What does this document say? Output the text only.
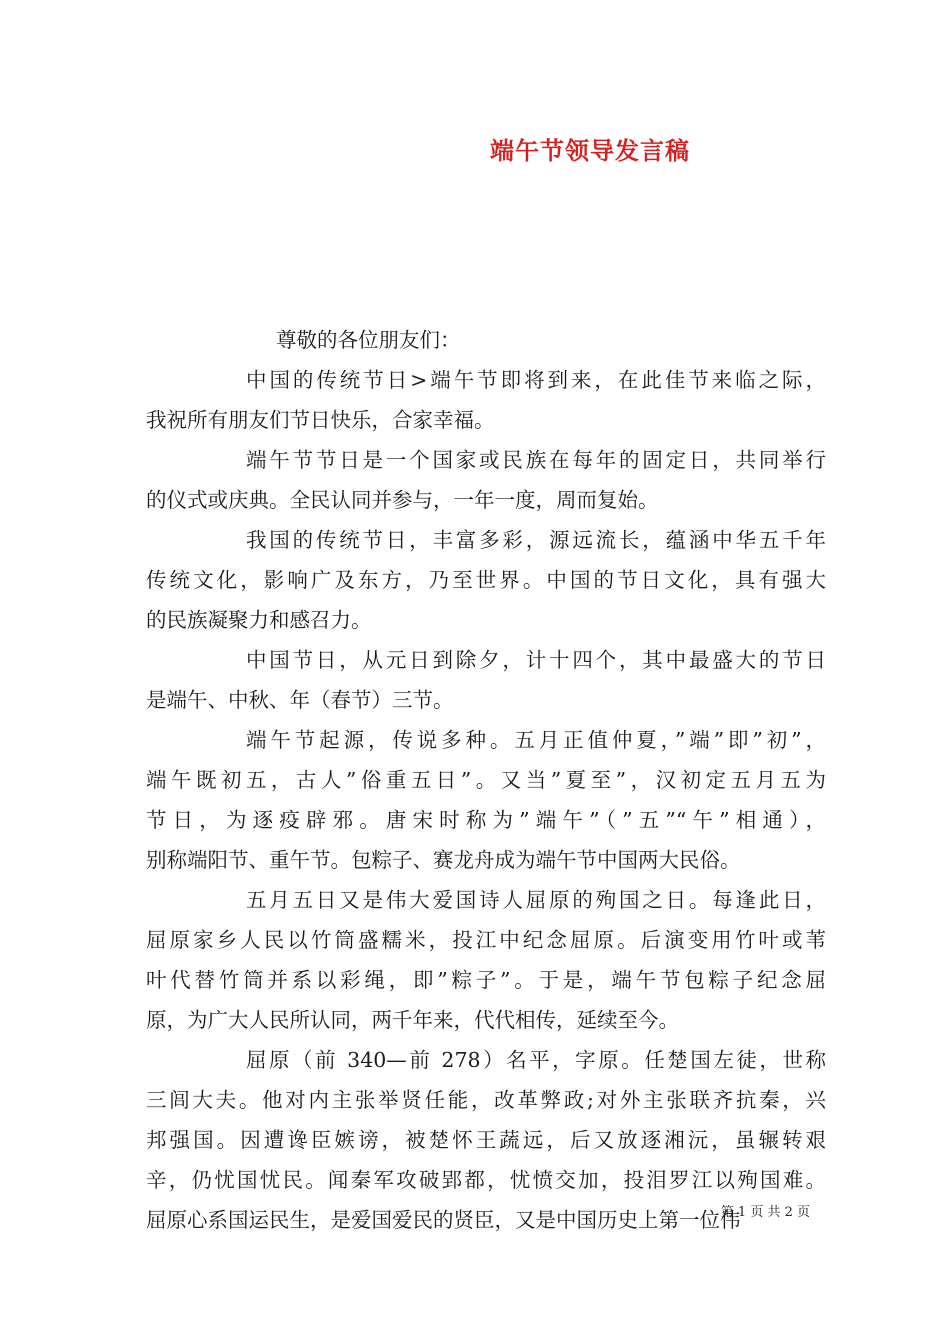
端午节领导发言稿

尊敬的各位朋友们：

中国的传统节日>端午节即将到来，在此佳节来临之际，
我祝所有朋友们节日快乐，合家幸福。

端午节节日是一个国家或民族在每年的固定日，共同举行
的仪式或庆典。全民认同并参与，一年一度，周而复始。

我国的传统节日，丰富多彩，源远流长，蕴涵中华五千年
传统文化，影响广及东方，乃至世界。中国的节日文化，具有强大
的民族凝聚力和感召力。

中国节日，从元日到除夕，计十四个，其中最盛大的节日
是端午、中秋、年（春节）三节。

端午节起源，传说多种。五月正值仲夏，”端”即”初”，
端午既初五，古人”俗重五日”。又当”夏至”，汉初定五月五为
节日，为逐疫辟邪。唐宋时称为”端午”（”五”“午”相通），
别称端阳节、重午节。包粽子、赛龙舟成为端午节中国两大民俗。

五月五日又是伟大爱国诗人屈原的殉国之日。每逢此日，
屈原家乡人民以竹筒盛糯米，投江中纪念屈原。后演变用竹叶或苇
叶代替竹筒并系以彩绳，即”粽子”。于是，端午节包粽子纪念屈
原，为广大人民所认同，两千年来，代代相传，延续至今。

屈原（前 340—前 278）名平，字原。任楚国左徒，世称
三闾大夫。他对内主张举贤任能，改革弊政;对外主张联齐抗秦，兴
邦强国。因遭谗臣嫉谤，被楚怀王蔬远，后又放逐湘沅，虽辗转艰
辛，仍忧国忧民。闻秦军攻破郢都，忧愤交加，投泪罗江以殉国难。
屈原心系国运民生，是爱国爱民的贤臣，又是中国历史上第一位伟

第 1 页 共 2 页
